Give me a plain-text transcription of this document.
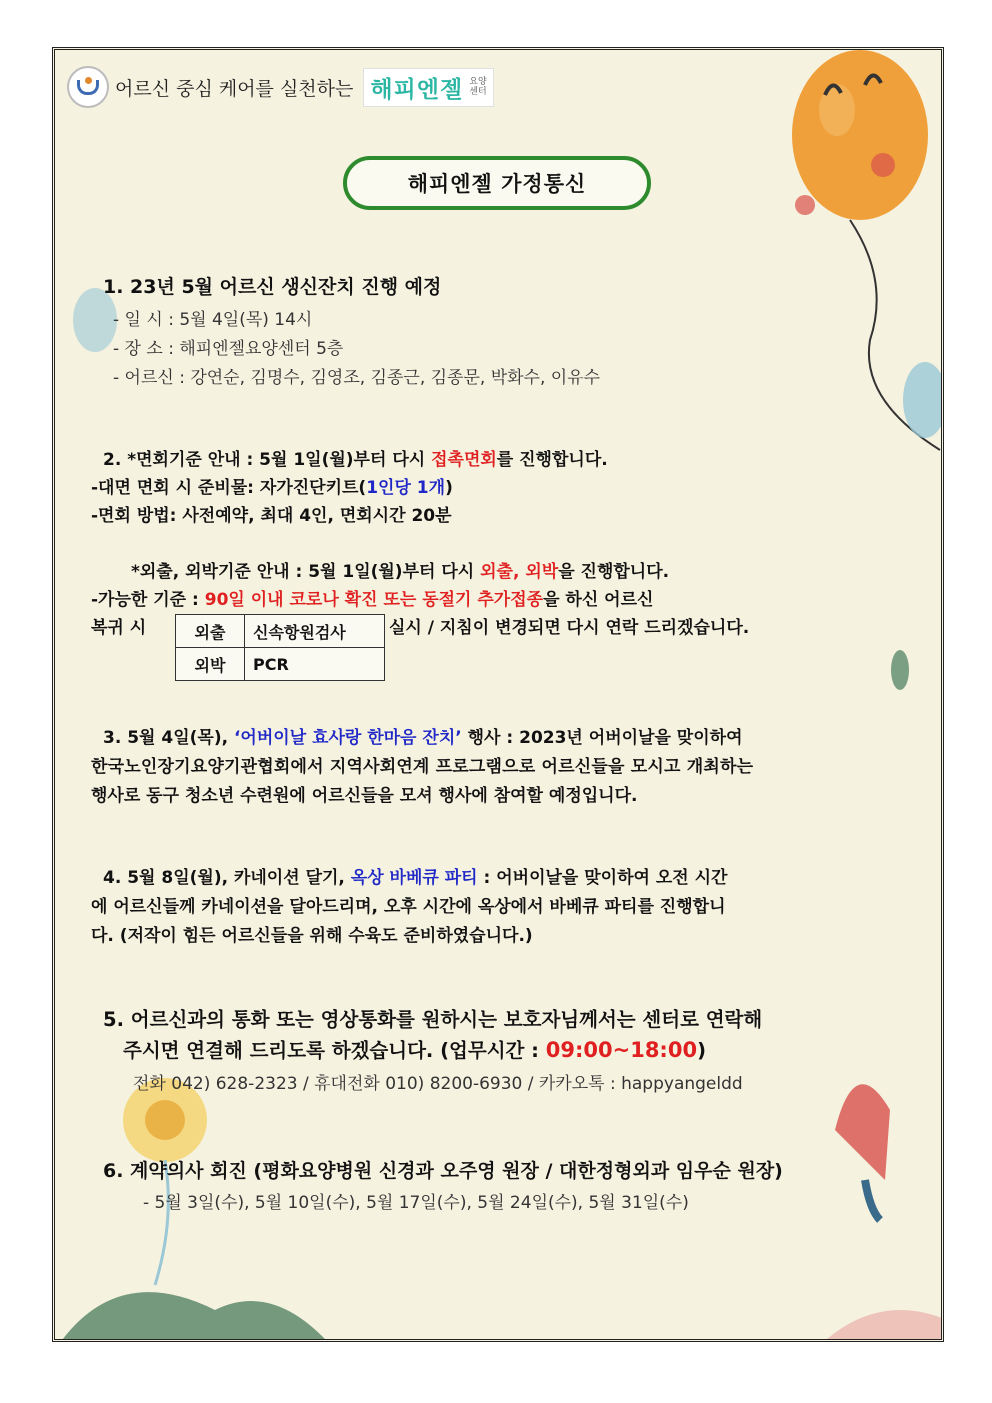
어르신 중심 케어를 실천하는 해피엔젤 요양
센터
해피엔젤 가정통신
1. 23년 5월 어르신 생신잔치 진행 예정
- 일 시 : 5월 4일(목) 14시
- 장 소 : 해피엔젤요양센터 5층
- 어르신 : 강연순, 김명수, 김영조, 김종근, 김종문, 박화수, 이유수
2. *면회기준 안내 : 5월 1일(월)부터 다시 접촉면회를 진행합니다.
-대면 면회 시 준비물: 자가진단키트(1인당 1개)
-면회 방법: 사전예약, 최대 4인, 면회시간 20분
*외출, 외박기준 안내 : 5월 1일(월)부터 다시 외출, 외박을 진행합니다.
-가능한 기준 : 90일 이내 코로나 확진 또는 동절기 추가접종을 하신 어르신
복귀 시	실시 / 지침이 변경되면 다시 연락 드리겠습니다.
외출	신속항원검사
외박	PCR
3. 5월 4일(목), ‘어버이날 효사랑 한마음 잔치’ 행사 : 2023년 어버이날을 맞이하여
한국노인장기요양기관협회에서 지역사회연계 프로그램으로 어르신들을 모시고 개최하는
행사로 동구 청소년 수련원에 어르신들을 모셔 행사에 참여할 예정입니다.
4. 5월 8일(월), 카네이션 달기, 옥상 바베큐 파티 : 어버이날을 맞이하여 오전 시간
에 어르신들께 카네이션을 달아드리며, 오후 시간에 옥상에서 바베큐 파티를 진행합니
다. (저작이 힘든 어르신들을 위해 수육도 준비하였습니다.)
5. 어르신과의 통화 또는 영상통화를 원하시는 보호자님께서는 센터로 연락해
주시면 연결해 드리도록 하겠습니다. (업무시간 : 09:00~18:00)
전화 042) 628-2323 / 휴대전화 010) 8200-6930 / 카카오톡 : happyangeldd
6. 계약의사 회진 (평화요양병원 신경과 오주영 원장 / 대한정형외과 임우순 원장)
- 5월 3일(수), 5월 10일(수), 5월 17일(수), 5월 24일(수), 5월 31일(수)
